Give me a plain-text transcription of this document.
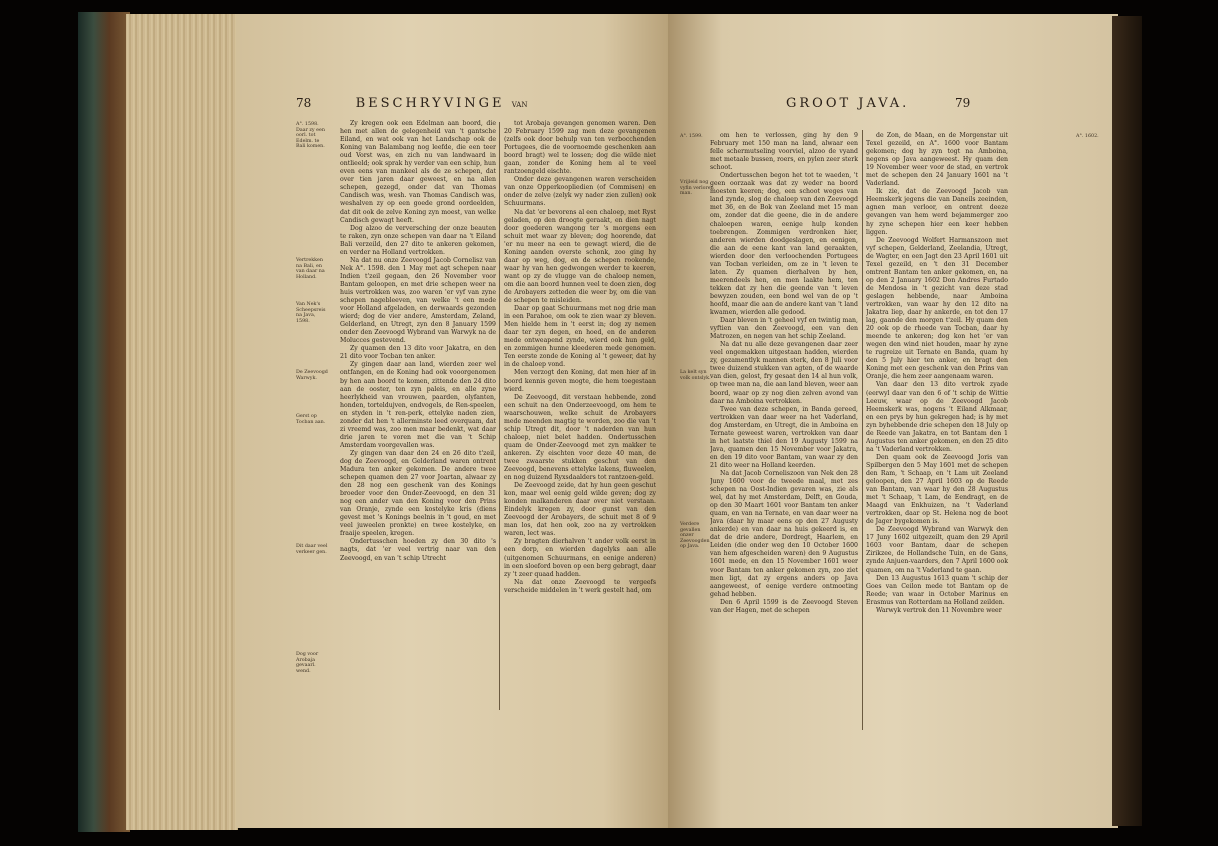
78	BESCHRYVINGE VAN	GROOT JAVA.	79
A°. 1598. Daar zy een oorl. tot Edelm. te Bali komen.
Vertrekken na Bali, en van daar na Holland.
Van Nek's Scheepsreis na Java, 1598.
De Zeevoogd Warwyk.
Gerst op Tocban aan.
Dit daar veel verkeer gen.
Dog voor Arobaja gevaarl. wend.

Zy kregen ook een Edelman aan boord, die hen met allen de gelegenheid van 't gantsche Eiland, en wat ook van het Landschap ook de Koning van Balambang nog leefde, die een teer oud Vorst was, en zich nu van landwaard in ontlieeld; ook sprak hy verder van een schip, hun even eens van mankeel als de ze schepen, dat over tien jaren daar geweest, en na allen schepen, gezegd, onder dat van Thomas Candisch was, wesh. van Thomas Candisch was, weshalven zy op een goede grond oordeelden, dat dit ook de zelve Koning zyn moest, van welke Candisch gewagt heeft.

Dog alzoo de verversching der onze beauten te raken, zyn onze schepen van daar na 't Eiland Bali verzeild, den 27 dito te ankeren gekomen, en verder na Holland vertrokken.

Na dat nu onze Zeevoogd Jacob Cornelisz van Nek A°. 1598. den 1 May met agt schepen naar Indien t'zeil gegaan, den 26 November voor Bantam geloopen, en met drie schepen weer na huis vertrokken was, zoo waren 'er vyf van zyne schepen nagebleeven, van welke 't een mede voor Holland afgeladen, en derwaards gezonden wierd; dog de vier andere, Amsterdam, Zeland, Gelderland, en Utregt, zyn den 8 January 1599 onder den Zeevoogd Wybrand van Warwyk na de Molucces gestevend.

Zy quamen den 13 dito voor Jakatra, en den 21 dito voor Tocban ten anker.

Zy gingen daar aan land, wierden zeer wel ontfangen, en de Koning had ook vooorgenomen by hen aan boord te komen, zittende den 24 dito aan de ooster, ten zyn paleis, en alle zyne heerlykheid van vrouwen, paarden, olyfanten, honden, torteldujven, endvogels, de Ren-speelen, en styden in 't ren-perk, ettelyke naden zien, zonder dat hen 't allerminste leed overquam, dat zi vreemd was, zoo men maar bedenkt, wat daar drie jaren te voren met die van 't Schip Amsterdam voorgevallen was.

Zy gingen van daar den 24 en 26 dito t'zeil, dog de Zeevoogd, en Gelderland waren ontrent Madura ten anker gekomen. De andere twee schepen quamen den 27 voor Joartan, alwaar zy den 28 nog een geschenk van des Konings broeder voor den Onder-Zeevoogd, en den 31 nog een ander van den Koning voor den Prins van Oranje, zynde een kostelyke kris (diens gevest met 's Konings beelnis in 't goud, en met veel juweelen pronkte) en twee kostelyke, en fraaije speelen, kregen.

Ondertusschen hoeden zy den 30 dito 's nagts, dat 'er veel vertrig naar van den Zeevoogd, en van 't schip Utrecht

tot Arobaja gevangen genomen waren. Den 20 February 1599 zag men deze gevangenen (zelfs ook door behulp van ten verbocchenden Portugees, die de voornoemde geschenken aan boord bragt) wel te lossen; dog die wilde niet gaan, zonder de Koning hem al te veel rantzoengeld eischte.

Onder deze gevangenen waren verscheiden van onze Opperkoopliedien (of Commisen) en onder de zelve (zelyk wy nader zien zullen) ook Schuurmans.

Na dat 'er bevorens al een chaloep, met Ryst geladen, op den droogte geraakt, en dien nagt door goederen wangong ter 's morgens een schuit met waar zy bleven; dog hoorende, dat 'er nu meer na een te gewagt wierd, die de Koning aanden overste schonk, zoo ging hy daar op weg, dog, en de schepen rookende, waar hy van hen gedwongen werder te keeren, want op zy de vlugge van de chaloep nemen, om die aan boord hunnen veel te doen zien, dog de Arobayers zetteden die weer by, om die van de schepen te misleiden.

Daar op gaat Schuurmans met nog drie man in een Parahoe, om ook te zien waar zy bleven. Men hielde hem in 't eerst in; dog zy nemen daar ter zyn degen, en hoed, en de anderen mede ontweapend zynde, wierd ook hun geld, en zommigen hunne kleederen mede genomen. Ten eerste zonde de Koning al 't geweer, dat hy in de chaloep vond.

Men verzogt den Koning, dat men hier af in boord kennis geven mogte, die hem toegestaan wierd.

De Zeevoogd, dit verstaan hebbende, zond een schuit na den Onderzeevoogd, om hem te waarschouwen, welke schuit de Arobayers mede meenden magtig te worden, zoo die van 't schip Utregt dit, door 't naderden van hun chaloep, niet belet hadden. Ondertusschen quam de Onder-Zeevoogd met zyn makker te ankeren. Zy eischten voor deze 40 man, de twee zwaarste stukken geschut van den Zeevoogd, benevens ettelyke lakens, fluweelen, en nog duizend Ryxsdaalders tot rantzoen-geld.

De Zeevoogd zeide, dat hy hun geen geschut kon, maar wel eenig geld wilde geven; dog zy konden malkanderen daar over niet verstaan. Eindelyk kregen zy, door gunst van den Zeevoogd der Arobayers, de schuit met 8 of 9 man los, dat hen ook, zoo na zy vertrokken waren, lect was.

Zy bragten dierhalven 't ander volk eerst in een dorp, en wierden dagelyks aan alle (uitgenomen Schuurmans, en eenige anderen) in een sloeford boven op een berg gebragt, daar zy 't zeer quaad hadden.

Na dat onze Zeevoogd te vergeefs verscheide middelen in 't werk gestelt had, om

A°. 1599.
Vrijleid nog vyfin verloren man.
La kelt syn volk ontslyk.
Verdere gevallen onzer Zeevoogden op Java.
A°. 1602.

om hen te verlossen, ging hy den 9 February met 150 man na land, alwaar een felle schermutseling voorviel, alzoo de vyand met metaale bussen, roers, en pylen zeer sterk schoot.

Ondertusschen begon het tot te waeden, 't geen oorzaak was dat zy weder na boord moesten keeren; dog, een schoot weges van land zynde, slog de chaloep van den Zeevoogd met 36, en de Bok van Zeeland met 15 man om, zonder dat die geene, die in de andere chaloepen waren, eenige hulp konden toebrengen. Zommigen verdronken hier, anderen wierden doodgeslagen, en eenigen, die aan de eene kant van land geraakten, wierden door den verloochenden Portugees van Tocban verleiden, om ze in 't leven te laten. Zy quamen dierhalven by hen, meerendeels hen, en men laakte hem, ten tekken dat zy hen die geende van 't leven bewyzen zouden, een bond wel van de op 't hoofd, maar die aan de andere kant van 't land kwamen, wierden alle gedood.

Daar bleven in 't geheel vyf en twintig man, vyftien van den Zeevoogd, een van den Matrozen, en negen van het schip Zeeland.

Na dat nu alle deze gevangenen daar zeer veel ongemakken uitgestaan hadden, wierden zy, gezamentlyk mannen sterk, den 8 Juli voor twee duizend stukken van agten, of de waarde van dien, gelost, fry gesaat den 14 al hun volk, op twee man na, die aan land bleven, weer aan boord, waar op zy nog dien zelven avond van daar na Amboina vertrokken.

Twee van deze schepen, in Banda gereed, vertrokken van daar weer na het Vaderland, dog Amsterdam, en Utregt, die in Amboina en Ternate geweest waren, vertrokken van daar in het laatste thiel den 19 Augusty 1599 na Java, quamen den 15 November voor Jakatra, en den 19 dito voor Bantam, van waar zy den 21 dito weer na Holland keerden.

Na dat Jacob Corneliszoon van Nek den 28 Juny 1600 voor de tweede maal, met zes schepen na Oost-Indien gevaren was, zie als wel, dat hy met Amsterdam, Delft, en Gouda, op den 30 Maart 1601 voor Bantam ten anker quam, en van na Ternate, en van daar weer na Java (daar hy maar eens op den 27 Augusty ankerde) en van daar na huis gekeerd is, en dat de drie andere, Dordregt, Haarlem, en Leiden (die onder weg den 10 October 1600 van hem afgescheiden waren) den 9 Augustus 1601 mede, en den 15 November 1601 weer voor Bantam ten anker gekomen zyn, zoo ziet men ligt, dat zy ergens anders op Java aangeweest, of eenige verdere ontmoeting gehad hebben.

Den 6 April 1599 is de Zeevoogd Steven van der Hagen, met de schepen

de Zon, de Maan, en de Morgenstar uit Texel gezeild, en A°. 1600 voor Bantam gekomen; dog hy zyn togt na Amboina, negens op Java aangeweest. Hy quam den 19 November weer voor de stad, en vertrok met de schepen den 24 January 1601 na 't Vaderland.

Ik zie, dat de Zeevoogd Jacob van Heemskerk jegens die van Daneils zeeinden, agnen man verloor, en ontrent deeze gevangen van hem werd bejammerger zoo hy zyne schepen hier een keer hebben liggen.

De Zeevoogd Wolfert Harmanszoon met vyf schepen, Gelderland, Zeelandia, Utregt, de Wagter, en een Jagt den 23 April 1601 uit Texel gezeild, en 't den 31 December omtrent Bantam ten anker gekomen, en, na op den 2 January 1602 Don Andres Furtado de Mendosa in 't gezicht van deze stad geslagen hebbende, naar Amboina vertrokken, van waar hy den 12 dito na Jakatra liep, daar hy ankerde, en tot den 17 lag, gaande den morgen t'zeil. Hy quam den 20 ook op de rheede van Tocban, daar hy meende te ankeren; dog kon het 'er van wegen den wind niet houden, maar hy zyne te rugreize uit Ternate en Banda, quam hy den 5 July hier ten anker, en bragt den Koning met een geschenk van den Prins van Oranje, die hem zeer aangenaam waren.

Van daar den 13 dito vertrok zyade (eerwyl daar van den 6 of 't schip de Wittie Leeuw, waar op de Zeevoogd Jacob Heemskerk was, nogens 't Eiland Alkmaar, en een prys by hun gekregen had; is hy met zyn byhebbende drie schepen den 18 July op de Reede van Jakatra, en tot Bantam den 1 Augustus ten anker gekomen, en den 25 dito na 't Vaderland vertrokken.

Den quam ook de Zeevoogd Joris van Spilbergen den 5 May 1601 met de schepen den Ram, 't Schaap, en 't Lam uit Zeeland geloopen, den 27 April 1603 op de Reede van Bantam, van waar hy den 28 Augustus met 't Schaap, 't Lam, de Eendragt, en de Maagd van Enkhuizen, na 't Vaderland vertrokken, daar op St. Helena nog de boot de Jager bygekomen is.

De Zeevoogd Wybrand van Warwyk den 17 Juny 1602 uitgezeilt, quam den 29 April 1603 voor Bantam, daar de schepen Zirikzee, de Hollandsche Tuin, en de Gans, zynde Anjuen-vaarders, den 7 April 1600 ook quamen, om na 't Vaderland te gaan.

Den 13 Augustus 1613 quam 't schip der Goes van Ceilon mede tot Bantam op de Reede; van waar in October Marinus en Erasmus van Rotterdam na Holland zeilden.

Warwyk vertrok den 11 Novembre weer
